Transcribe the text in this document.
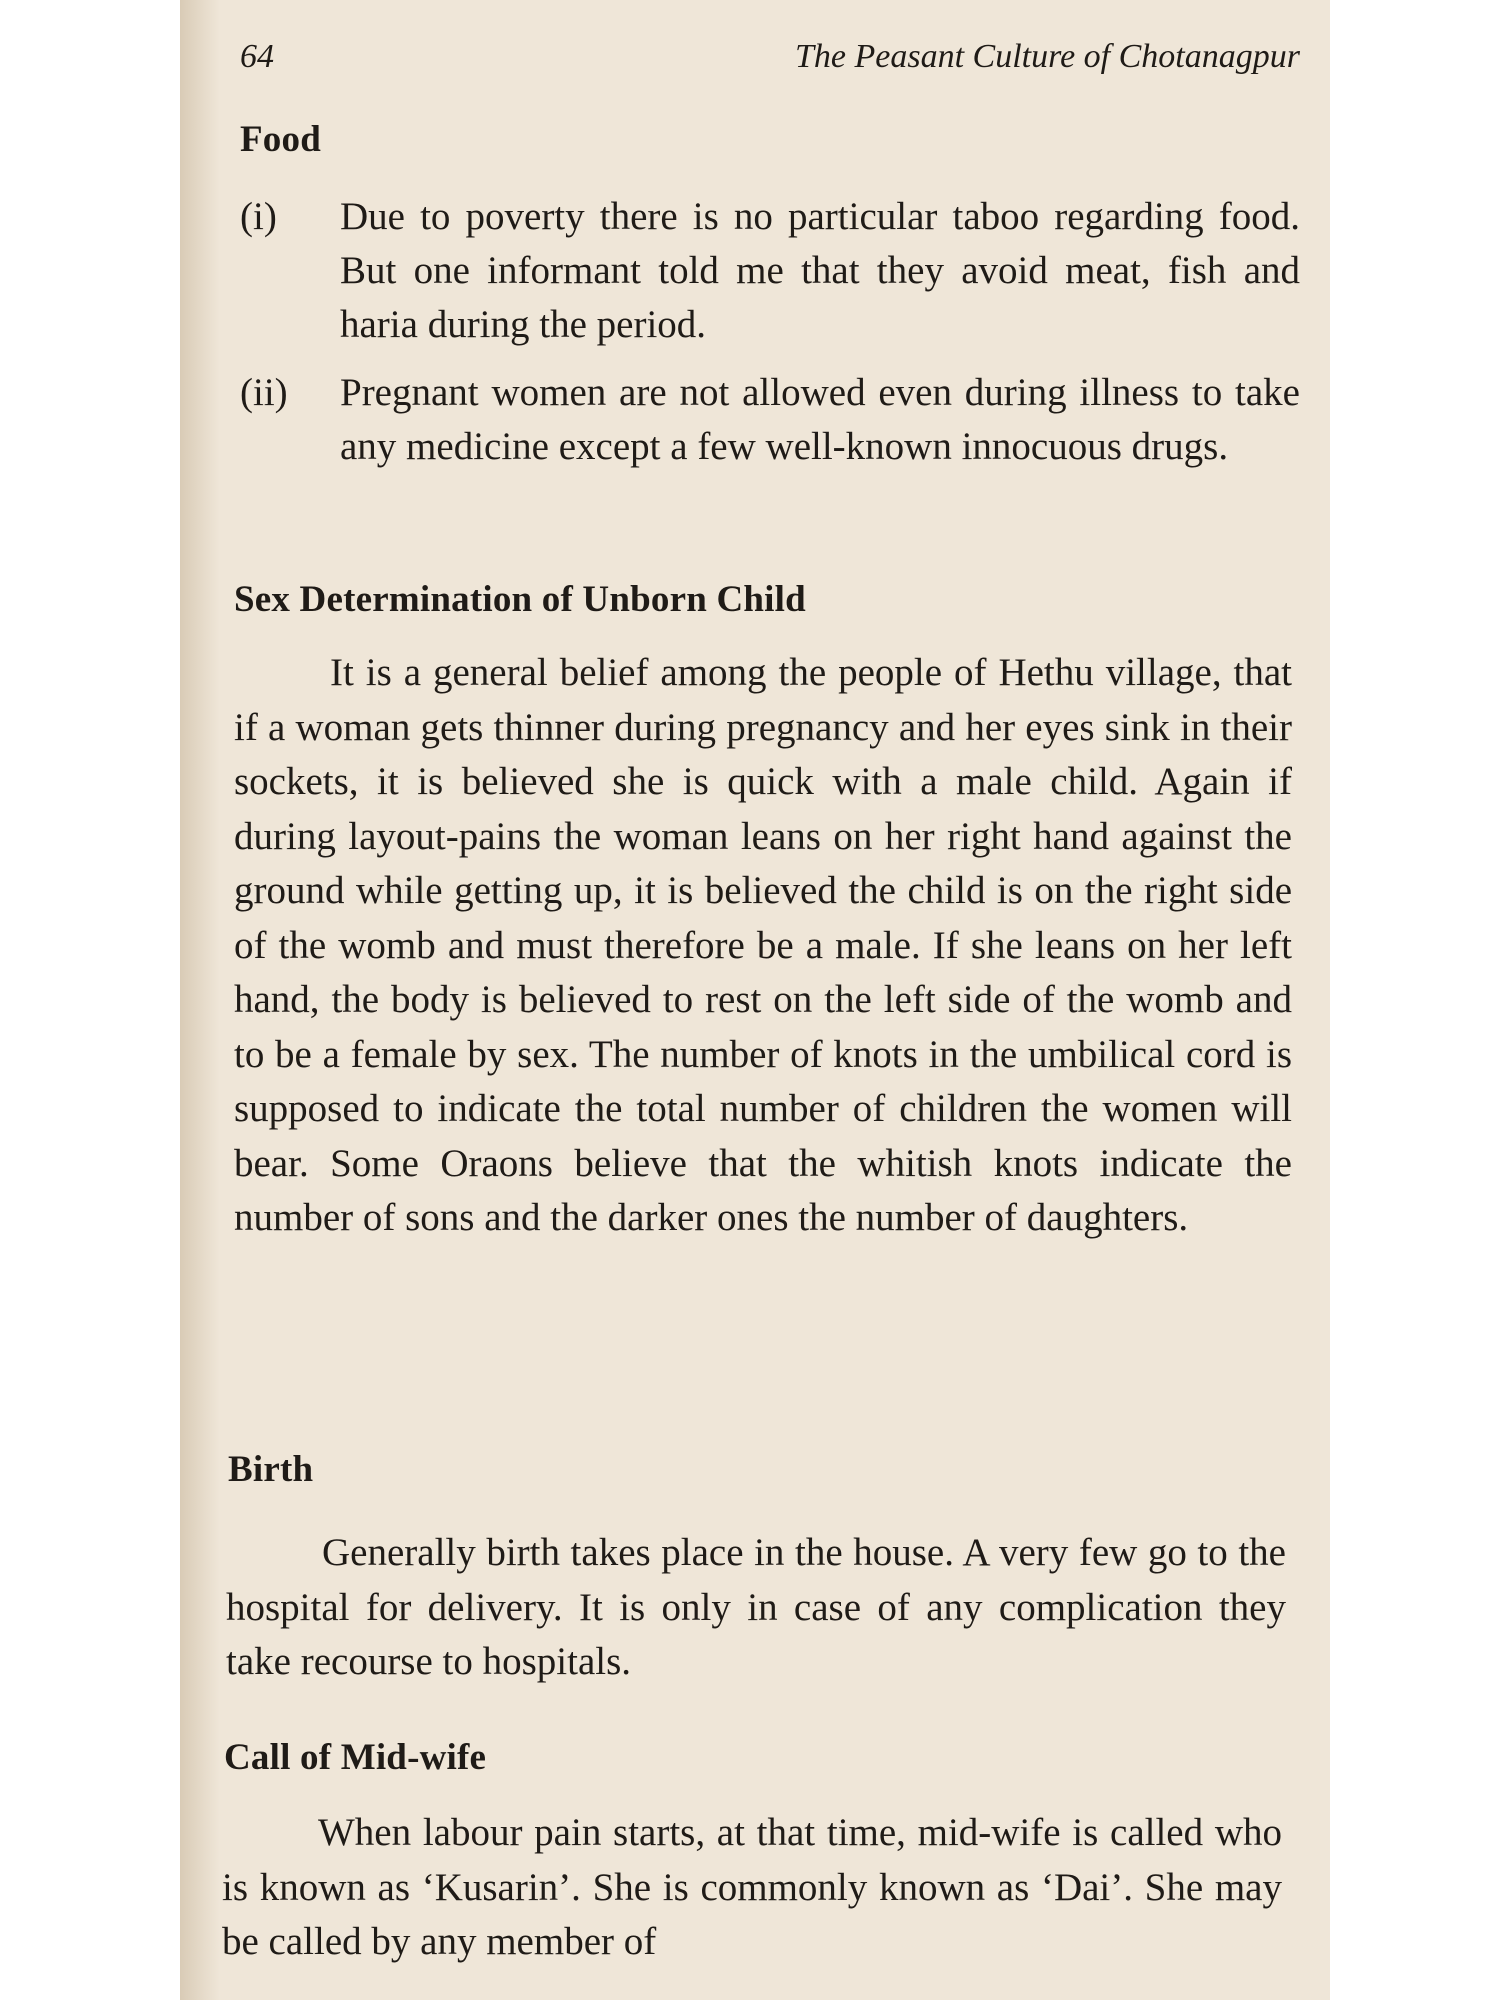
64	The Peasant Culture of Chotanagpur
Food
(i) Due to poverty there is no particular taboo regarding food. But one informant told me that they avoid meat, fish and haria during the period.
(ii) Pregnant women are not allowed even during illness to take any medicine except a few well-known innocuous drugs.
Sex Determination of Unborn Child

It is a general belief among the people of Hethu village, that if a woman gets thinner during pregnancy and her eyes sink in their sockets, it is believed she is quick with a male child. Again if during layout-pains the woman leans on her right hand against the ground while getting up, it is believed the child is on the right side of the womb and must therefore be a male. If she leans on her left hand, the body is believed to rest on the left side of the womb and to be a female by sex. The number of knots in the umbilical cord is supposed to indicate the total number of children the women will bear. Some Oraons believe that the whitish knots indicate the number of sons and the darker ones the number of daughters.

Birth

Generally birth takes place in the house. A very few go to the hospital for delivery. It is only in case of any complication they take recourse to hospitals.

Call of Mid-wife

When labour pain starts, at that time, mid-wife is called who is known as ‘Kusarin’. She is commonly known as ‘Dai’. She may be called by any member of
